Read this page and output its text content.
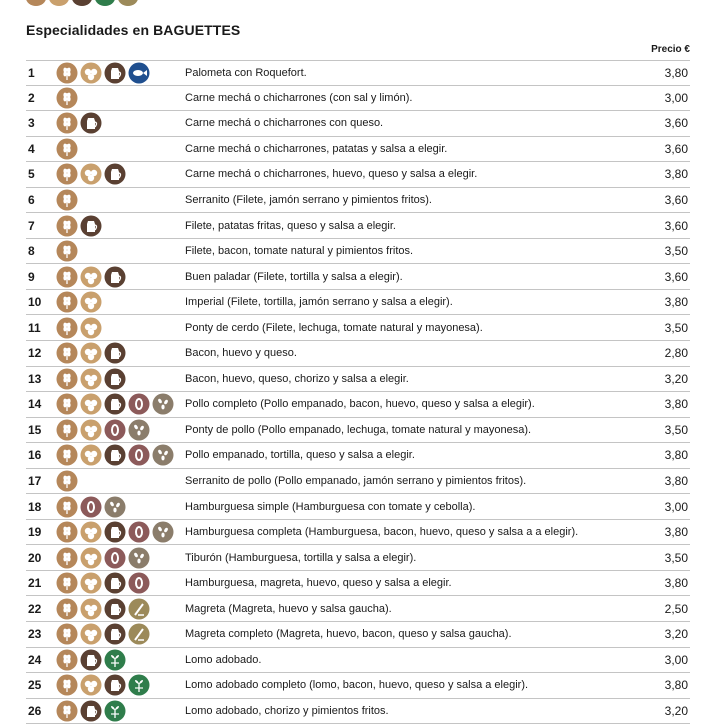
Especialidades en BAGUETTES
Precio €
1	Palometa con Roquefort.	3,80
2	Carne mechá o chicharrones (con sal y limón).	3,00
3	Carne mechá o chicharrones con queso.	3,60
4	Carne mechá o chicharrones, patatas y salsa a elegir.	3,60
5	Carne mechá o chicharrones, huevo, queso y salsa a elegir.	3,80
6	Serranito (Filete, jamón serrano y pimientos fritos).	3,60
7	Filete, patatas fritas, queso y salsa a elegir.	3,60
8	Filete, bacon, tomate natural y pimientos fritos.	3,50
9	Buen paladar (Filete, tortilla y salsa a elegir).	3,60
10	Imperial (Filete, tortilla, jamón serrano y salsa a elegir).	3,80
11	Ponty de cerdo (Filete, lechuga, tomate natural y mayonesa).	3,50
12	Bacon, huevo y queso.	2,80
13	Bacon, huevo, queso, chorizo y salsa a elegir.	3,20
14	Pollo completo (Pollo empanado, bacon, huevo, queso y salsa a elegir).	3,80
15	Ponty de pollo (Pollo empanado, lechuga, tomate natural y mayonesa).	3,50
16	Pollo empanado, tortilla, queso y salsa a elegir.	3,80
17	Serranito de pollo (Pollo empanado, jamón serrano y pimientos fritos).	3,80
18	Hamburguesa simple (Hamburguesa con tomate y cebolla).	3,00
19	Hamburguesa completa (Hamburguesa, bacon, huevo, queso y salsa a a elegir).	3,80
20	Tiburón (Hamburguesa, tortilla y salsa a elegir).	3,50
21	Hamburguesa, magreta, huevo, queso y salsa a elegir.	3,80
22	Magreta (Magreta, huevo y salsa gaucha).	2,50
23	Magreta completo (Magreta, huevo, bacon, queso y salsa gaucha).	3,20
24	Lomo adobado.	3,00
25	Lomo adobado completo (lomo, bacon, huevo, queso y salsa a elegir).	3,80
26	Lomo adobado, chorizo y pimientos fritos.	3,20
